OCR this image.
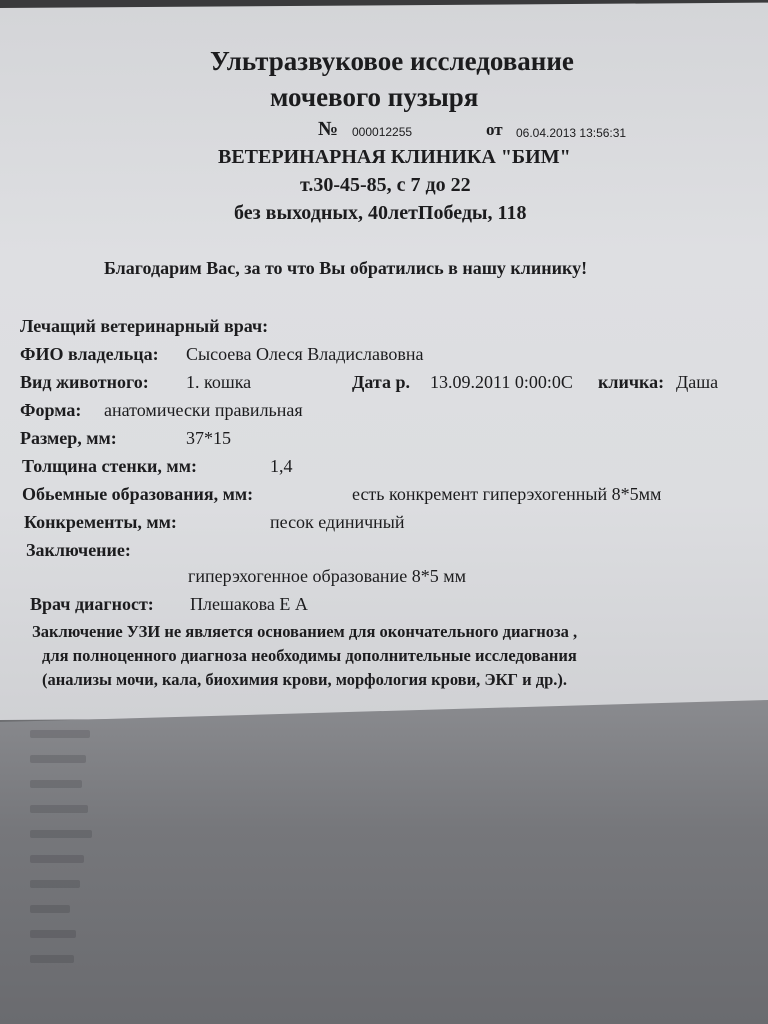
Ультразвуковое исследование
мочевого пузыря
№ 000012255	от 06.04.2013 13:56:31
ВЕТЕРИНАРНАЯ КЛИНИКА "БИМ"
т.30-45-85, с 7 до 22
без выходных, 40летПобеды, 118
Благодарим Вас, за то что Вы обратились в нашу клинику!
Лечащий ветеринарный врач:
ФИО владельца: Сысоева Олеся Владиславовна
Вид животного: 1. кошка	Дата р. 13.09.2011 0:00:0С кличка: Даша
Форма: анатомически правильная
Размер, мм:	37*15
Толщина стенки, мм:	1,4
Обьемные образования, мм:	есть конкремент гиперэхогенный 8*5мм
Конкременты, мм:	песок единичный
Заключение:
гиперэхогенное образование 8*5 мм
Врач диагност: Плешакова Е А
Заключение УЗИ не является основанием для окончательного диагноза ,
для полноценного диагноза необходимы дополнительные исследования
(анализы мочи, кала, биохимия крови, морфология крови, ЭКГ и др.).
